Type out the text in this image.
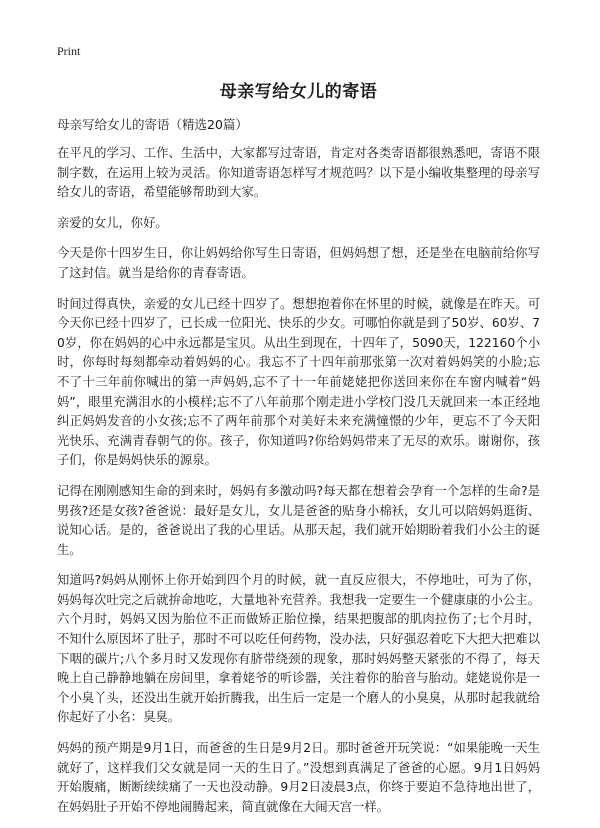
Print
母亲写给女儿的寄语

母亲写给女儿的寄语（精选20篇）

在平凡的学习、工作、生活中，大家都写过寄语，肯定对各类寄语都很熟悉吧，寄语不限制字数，在运用上较为灵活。你知道寄语怎样写才规范吗？以下是小编收集整理的母亲写给女儿的寄语，希望能够帮助到大家。

亲爱的女儿，你好。

今天是你十四岁生日，你让妈妈给你写生日寄语，但妈妈想了想，还是坐在电脑前给你写了这封信。就当是给你的青春寄语。

时间过得真快，亲爱的女儿已经十四岁了。想想抱着你在怀里的时候，就像是在昨天。可今天你已经十四岁了，已长成一位阳光、快乐的少女。可哪怕你就是到了50岁、60岁、70岁，你在妈妈的心中永远都是宝贝。从出生到现在，十四年了，5090天，122160个小时，你每时每刻都牵动着妈妈的心。我忘不了十四年前那张第一次对着妈妈笑的小脸;忘不了十三年前你喊出的第一声妈妈,忘不了十一年前姥姥把你送回来你在车窗内喊着“妈妈”，眼里充满泪水的小模样;忘不了八年前那个刚走进小学校门没几天就回来一本正经地纠正妈妈发音的小女孩;忘不了两年前那个对美好未来充满憧憬的少年，更忘不了今天阳光快乐、充满青春朝气的你。孩子，你知道吗?你给妈妈带来了无尽的欢乐。谢谢你，孩子们，你是妈妈快乐的源泉。

记得在刚刚感知生命的到来时，妈妈有多激动吗?每天都在想着会孕育一个怎样的生命?是男孩?还是女孩?爸爸说：最好是女儿，女儿是爸爸的贴身小棉袄，女儿可以陪妈妈逛街、说知心话。是的，爸爸说出了我的心里话。从那天起，我们就开始期盼着我们小公主的诞生。

知道吗?妈妈从刚怀上你开始到四个月的时候，就一直反应很大，不停地吐，可为了你，妈妈每次吐完之后就拚命地吃，大量地补充营养。我想我一定要生一个健康康的小公主。六个月时，妈妈又因为胎位不正而做矫正胎位操，结果把腹部的肌肉拉伤了;七个月时，不知什么原因坏了肚子，那时不可以吃任何药物，没办法，只好强忍着吃下大把大把难以下咽的碳片;八个多月时又发现你有脐带绕颈的现象，那时妈妈整天紧张的不得了，每天晚上自己静静地躺在房间里，拿着姥爷的听诊器，关注着你的胎音与胎动。姥姥说你是一个小臭丫头，还没出生就开始折腾我，出生后一定是一个磨人的小臭臭，从那时起我就给你起好了小名：臭臭。

妈妈的预产期是9月1日，而爸爸的生日是9月2日。那时爸爸开玩笑说：“如果能晚一天生就好了，这样我们父女就是同一天的生日了。”没想到真满足了爸爸的心愿。9月1日妈妈开始腹痛，断断续续痛了一天也没动静。9月2日凌晨3点，你终于要迫不急待地出世了，在妈妈肚子开始不停地闹腾起来，简直就像在大闹天宫一样。
